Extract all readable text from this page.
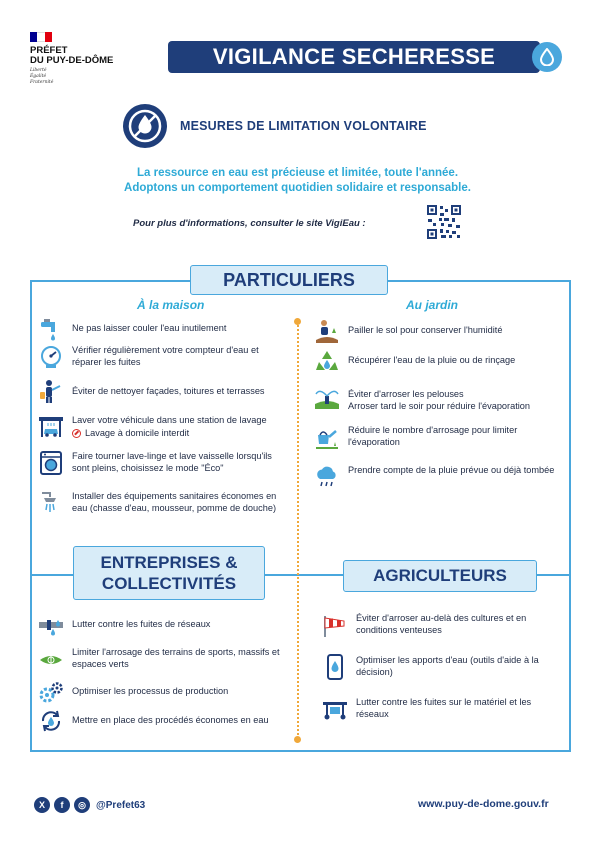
PRÉFET
DU PUY-DE-DÔME
Liberté
Égalité
Fraternité
VIGILANCE SECHERESSE
MESURES DE LIMITATION VOLONTAIRE
La ressource en eau est précieuse et limitée, toute l'année.
Adoptons un comportement quotidien solidaire et responsable.
Pour plus d'informations, consulter le site VigiEau :
PARTICULIERS
À la maison	Au jardin
Ne pas laisser couler l'eau inutilement
Vérifier régulièrement votre compteur d'eau et réparer les fuites
Éviter de nettoyer façades, toitures et terrasses
Laver votre véhicule dans une station de lavage
Lavage à domicile interdit
Faire tourner lave-linge et lave vaisselle lorsqu'ils sont pleins, choisissez le mode "Éco"
Installer des équipements sanitaires économes en eau (chasse d'eau, mousseur, pomme de douche)
Pailler le sol pour conserver l'humidité
Récupérer l'eau de la pluie ou de rinçage
Éviter d'arroser les pelouses
Arroser tard le soir pour réduire l'évaporation
Réduire le nombre d'arrosage pour limiter l'évaporation
Prendre compte de la pluie prévue ou déjà tombée
ENTREPRISES &
COLLECTIVITÉS
Lutter contre les fuites de réseaux
Limiter l'arrosage des terrains de sports, massifs et espaces verts
Optimiser les processus de production
Mettre en place des procédés économes en eau
AGRICULTEURS
Éviter d'arroser au-delà des cultures et en conditions venteuses
Optimiser les apports d'eau (outils d'aide à la décision)
Lutter contre les fuites sur le matériel et les réseaux
X	f	◎	@Prefet63	www.puy-de-dome.gouv.fr
